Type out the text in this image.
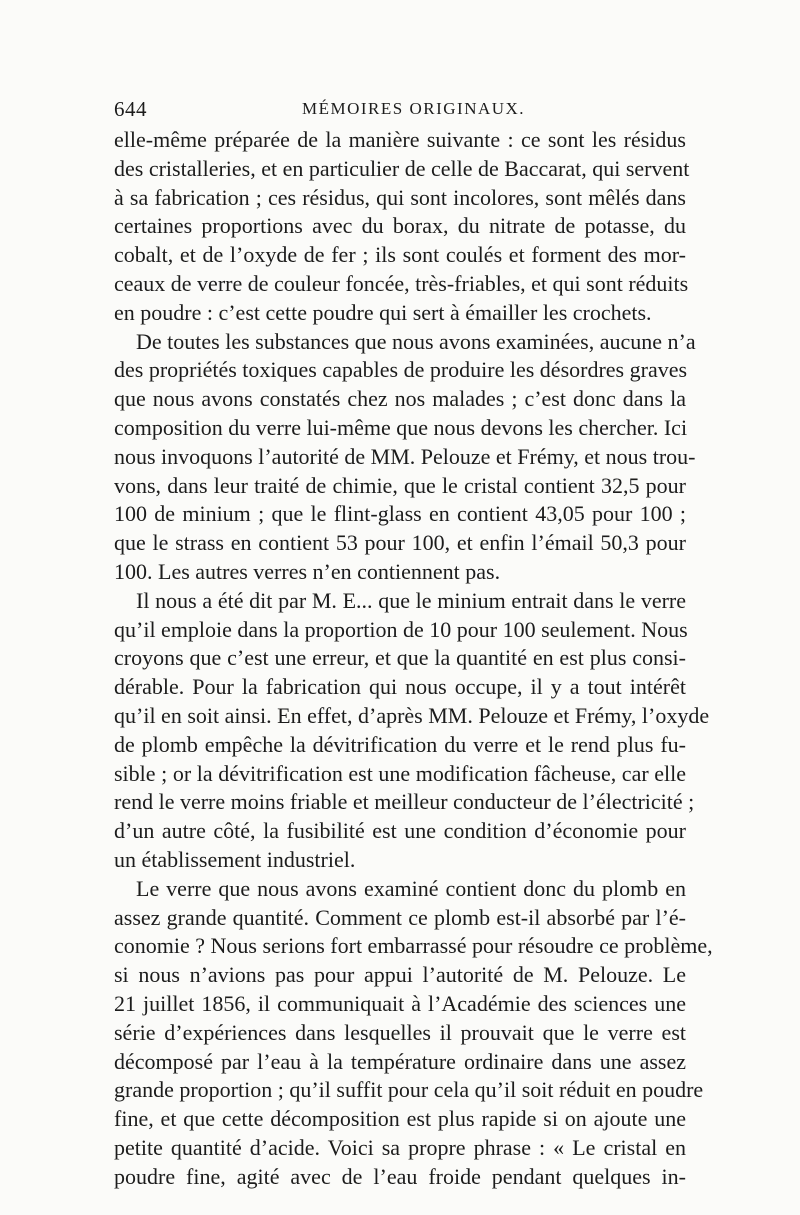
644	MÉMOIRES ORIGINAUX.
elle-même préparée de la manière suivante : ce sont les résidus
des cristalleries, et en particulier de celle de Baccarat, qui servent
à sa fabrication ; ces résidus, qui sont incolores, sont mêlés dans
certaines proportions avec du borax, du nitrate de potasse, du
cobalt, et de l’oxyde de fer ; ils sont coulés et forment des mor-
ceaux de verre de couleur foncée, très-friables, et qui sont réduits
en poudre : c’est cette poudre qui sert à émailler les crochets.
De toutes les substances que nous avons examinées, aucune n’a
des propriétés toxiques capables de produire les désordres graves
que nous avons constatés chez nos malades ; c’est donc dans la
composition du verre lui-même que nous devons les chercher. Ici
nous invoquons l’autorité de MM. Pelouze et Frémy, et nous trou-
vons, dans leur traité de chimie, que le cristal contient 32,5 pour
100 de minium ; que le flint-glass en contient 43,05 pour 100 ;
que le strass en contient 53 pour 100, et enfin l’émail 50,3 pour
100. Les autres verres n’en contiennent pas.
Il nous a été dit par M. E... que le minium entrait dans le verre
qu’il emploie dans la proportion de 10 pour 100 seulement. Nous
croyons que c’est une erreur, et que la quantité en est plus consi-
dérable. Pour la fabrication qui nous occupe, il y a tout intérêt
qu’il en soit ainsi. En effet, d’après MM. Pelouze et Frémy, l’oxyde
de plomb empêche la dévitrification du verre et le rend plus fu-
sible ; or la dévitrification est une modification fâcheuse, car elle
rend le verre moins friable et meilleur conducteur de l’électricité ;
d’un autre côté, la fusibilité est une condition d’économie pour
un établissement industriel.
Le verre que nous avons examiné contient donc du plomb en
assez grande quantité. Comment ce plomb est-il absorbé par l’é-
conomie ? Nous serions fort embarrassé pour résoudre ce problème,
si nous n’avions pas pour appui l’autorité de M. Pelouze. Le
21 juillet 1856, il communiquait à l’Académie des sciences une
série d’expériences dans lesquelles il prouvait que le verre est
décomposé par l’eau à la température ordinaire dans une assez
grande proportion ; qu’il suffit pour cela qu’il soit réduit en poudre
fine, et que cette décomposition est plus rapide si on ajoute une
petite quantité d’acide. Voici sa propre phrase : « Le cristal en
poudre fine, agité avec de l’eau froide pendant quelques in-
